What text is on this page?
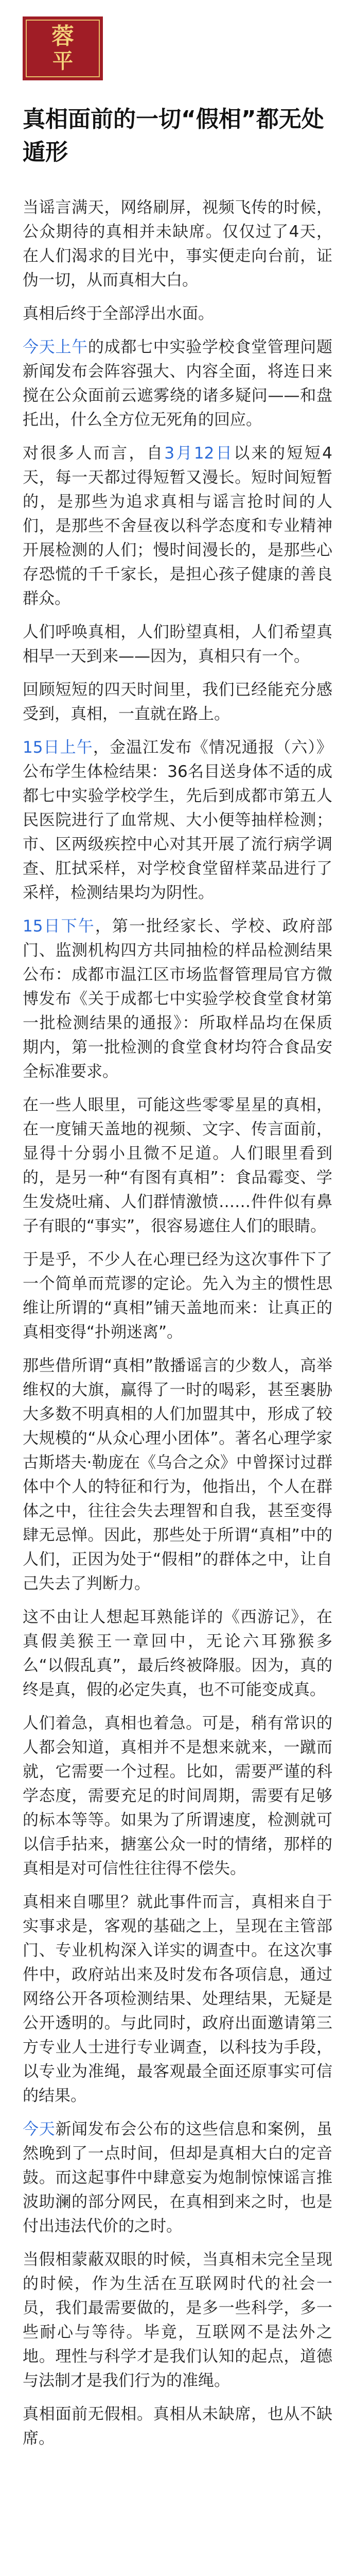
蓉
平
真相面前的一切“假相”都无处遁形

当谣言满天，网络刷屏，视频飞传的时候，公众期待的真相并未缺席。仅仅过了4天，在人们渴求的目光中，事实便走向台前，证伪一切，从而真相大白。

真相后终于全部浮出水面。

今天上午的成都七中实验学校食堂管理问题新闻发布会阵容强大、内容全面，将连日来搅在公众面前云遮雾绕的诸多疑问——和盘托出，什么全方位无死角的回应。

对很多人而言，自3月12日以来的短短4天，每一天都过得短暂又漫长。短时间短暂的，是那些为追求真相与谣言抢时间的人们，是那些不舍昼夜以科学态度和专业精神开展检测的人们；慢时间漫长的，是那些心存恐慌的千千家长，是担心孩子健康的善良群众。

人们呼唤真相，人们盼望真相，人们希望真相早一天到来——因为，真相只有一个。

回顾短短的四天时间里，我们已经能充分感受到，真相，一直就在路上。

15日上午，金温江发布《情况通报（六）》公布学生体检结果：36名目送身体不适的成都七中实验学校学生，先后到成都市第五人民医院进行了血常规、大小便等抽样检测；市、区两级疾控中心对其开展了流行病学调查、肛拭采样，对学校食堂留样菜品进行了采样，检测结果均为阴性。

15日下午，第一批经家长、学校、政府部门、监测机构四方共同抽检的样品检测结果公布：成都市温江区市场监督管理局官方微博发布《关于成都七中实验学校食堂食材第一批检测结果的通报》：所取样品均在保质期内，第一批检测的食堂食材均符合食品安全标准要求。

在一些人眼里，可能这些零零星星的真相，在一度铺天盖地的视频、文字、传言面前，显得十分弱小且微不足道。人们眼里看到的，是另一种“有图有真相”：食品霉变、学生发烧吐痛、人们群情激愤……件件似有鼻子有眼的“事实”，很容易遮住人们的眼睛。

于是乎，不少人在心理已经为这次事件下了一个简单而荒谬的定论。先入为主的惯性思维让所谓的“真相”铺天盖地而来：让真正的真相变得“扑朔迷离”。

那些借所谓“真相”散播谣言的少数人，高举维权的大旗，赢得了一时的喝彩，甚至裹胁大多数不明真相的人们加盟其中，形成了较大规模的“从众心理小团体”。著名心理学家古斯塔夫·勒庞在《乌合之众》中曾探讨过群体中个人的特征和行为，他指出，个人在群体之中，往往会失去理智和自我，甚至变得肆无忌惮。因此，那些处于所谓“真相”中的人们，正因为处于“假相”的群体之中，让自己失去了判断力。

这不由让人想起耳熟能详的《西游记》，在真假美猴王一章回中，无论六耳猕猴多么“以假乱真”，最后终被降服。因为，真的终是真，假的必定失真，也不可能变成真。

人们着急，真相也着急。可是，稍有常识的人都会知道，真相并不是想来就来，一蹴而就，它需要一个过程。比如，需要严谨的科学态度，需要充足的时间周期，需要有足够的标本等等。如果为了所谓速度，检测就可以信手拈来，搪塞公众一时的情绪，那样的真相是对可信性往往得不偿失。

真相来自哪里？就此事件而言，真相来自于实事求是，客观的基础之上，呈现在主管部门、专业机构深入详实的调查中。在这次事件中，政府站出来及时发布各项信息，通过网络公开各项检测结果、处理结果，无疑是公开透明的。与此同时，政府出面邀请第三方专业人士进行专业调查，以科技为手段，以专业为准绳，最客观最全面还原事实可信的结果。

今天新闻发布会公布的这些信息和案例，虽然晚到了一点时间，但却是真相大白的定音鼓。而这起事件中肆意妄为炮制惊悚谣言推波助澜的部分网民，在真相到来之时，也是付出违法代价的之时。

当假相蒙蔽双眼的时候，当真相未完全呈现的时候，作为生活在互联网时代的社会一员，我们最需要做的，是多一些科学，多一些耐心与等待。毕竟，互联网不是法外之地。理性与科学才是我们认知的起点，道德与法制才是我们行为的准绳。

真相面前无假相。真相从未缺席，也从不缺席。
